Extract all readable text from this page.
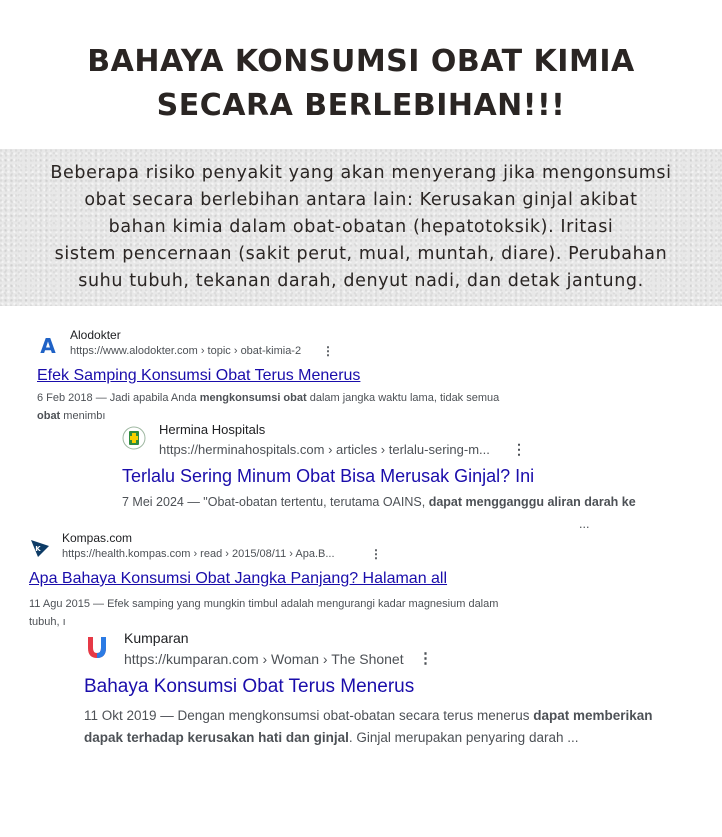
BAHAYA KONSUMSI OBAT KIMIA
SECARA BERLEBIHAN!!!
Beberapa risiko penyakit yang akan menyerang jika mengonsumsi
obat secara berlebihan antara lain: Kerusakan ginjal akibat
bahan kimia dalam obat-obatan (hepatotoksik). Iritasi
sistem pencernaan (sakit perut, mual, muntah, diare). Perubahan
suhu tubuh, tekanan darah, denyut nadi, dan detak jantung.
A Alodokter
https://www.alodokter.com › topic › obat-kimia-2 ⋮
Efek Samping Konsumsi Obat Terus Menerus
6 Feb 2018 — Jadi apabila Anda mengkonsumsi obat dalam jangka waktu lama, tidak semua
obat menimbı
Hermina Hospitals
https://herminahospitals.com › articles › terlalu-sering-m... ⋮
Terlalu Sering Minum Obat Bisa Merusak Ginjal? Ini
7 Mei 2024 — "Obat-obatan tertentu, terutama OAINS, dapat mengganggu aliran darah ke
...
K
Kompas.com
https://health.kompas.com › read › 2015/08/11 › Apa.B...	⋮
Apa Bahaya Konsumsi Obat Jangka Panjang? Halaman all
11 Agu 2015 — Efek samping yang mungkin timbul adalah mengurangi kadar magnesium dalam
tubuh, ı
Kumparan
https://kumparan.com › Woman › The Shonet ⋮
Bahaya Konsumsi Obat Terus Menerus
11 Okt 2019 — Dengan mengkonsumsi obat-obatan secara terus menerus dapat memberikan
dapak terhadap kerusakan hati dan ginjal. Ginjal merupakan penyaring darah ...
